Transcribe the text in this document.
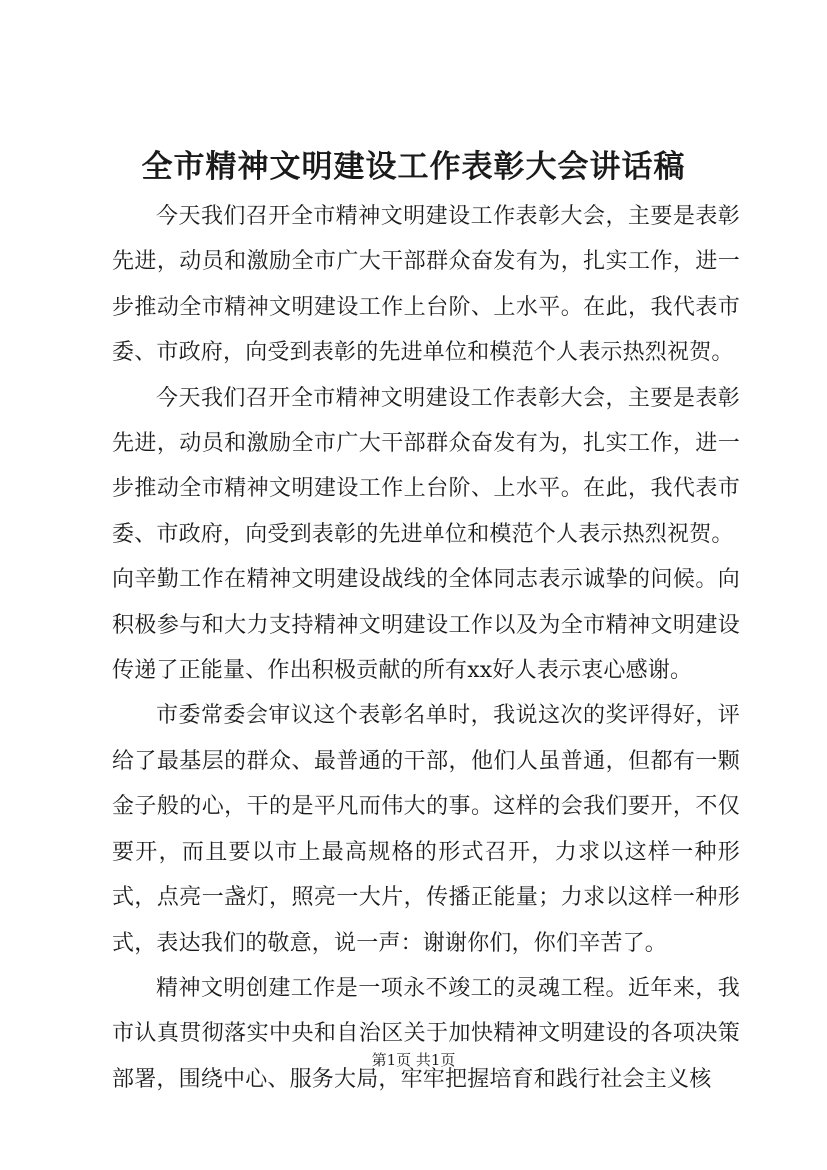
全市精神文明建设工作表彰大会讲话稿

今天我们召开全市精神文明建设工作表彰大会，主要是表彰先进，动员和激励全市广大干部群众奋发有为，扎实工作，进一步推动全市精神文明建设工作上台阶、上水平。在此，我代表市委、市政府，向受到表彰的先进单位和模范个人表示热烈祝贺。

今天我们召开全市精神文明建设工作表彰大会，主要是表彰先进，动员和激励全市广大干部群众奋发有为，扎实工作，进一步推动全市精神文明建设工作上台阶、上水平。在此，我代表市委、市政府，向受到表彰的先进单位和模范个人表示热烈祝贺。

向辛勤工作在精神文明建设战线的全体同志表示诚挚的问候。向积极参与和大力支持精神文明建设工作以及为全市精神文明建设传递了正能量、作出积极贡献的所有xx好人表示衷心感谢。

市委常委会审议这个表彰名单时，我说这次的奖评得好，评给了最基层的群众、最普通的干部，他们人虽普通，但都有一颗金子般的心，干的是平凡而伟大的事。这样的会我们要开，不仅要开，而且要以市上最高规格的形式召开，力求以这样一种形式，点亮一盏灯，照亮一大片，传播正能量；力求以这样一种形式，表达我们的敬意，说一声：谢谢你们，你们辛苦了。

精神文明创建工作是一项永不竣工的灵魂工程。近年来，我市认真贯彻落实中央和自治区关于加快精神文明建设的各项决策部署，围绕中心、服务大局，牢牢把握培育和践行社会主义核

第1页 共1页
